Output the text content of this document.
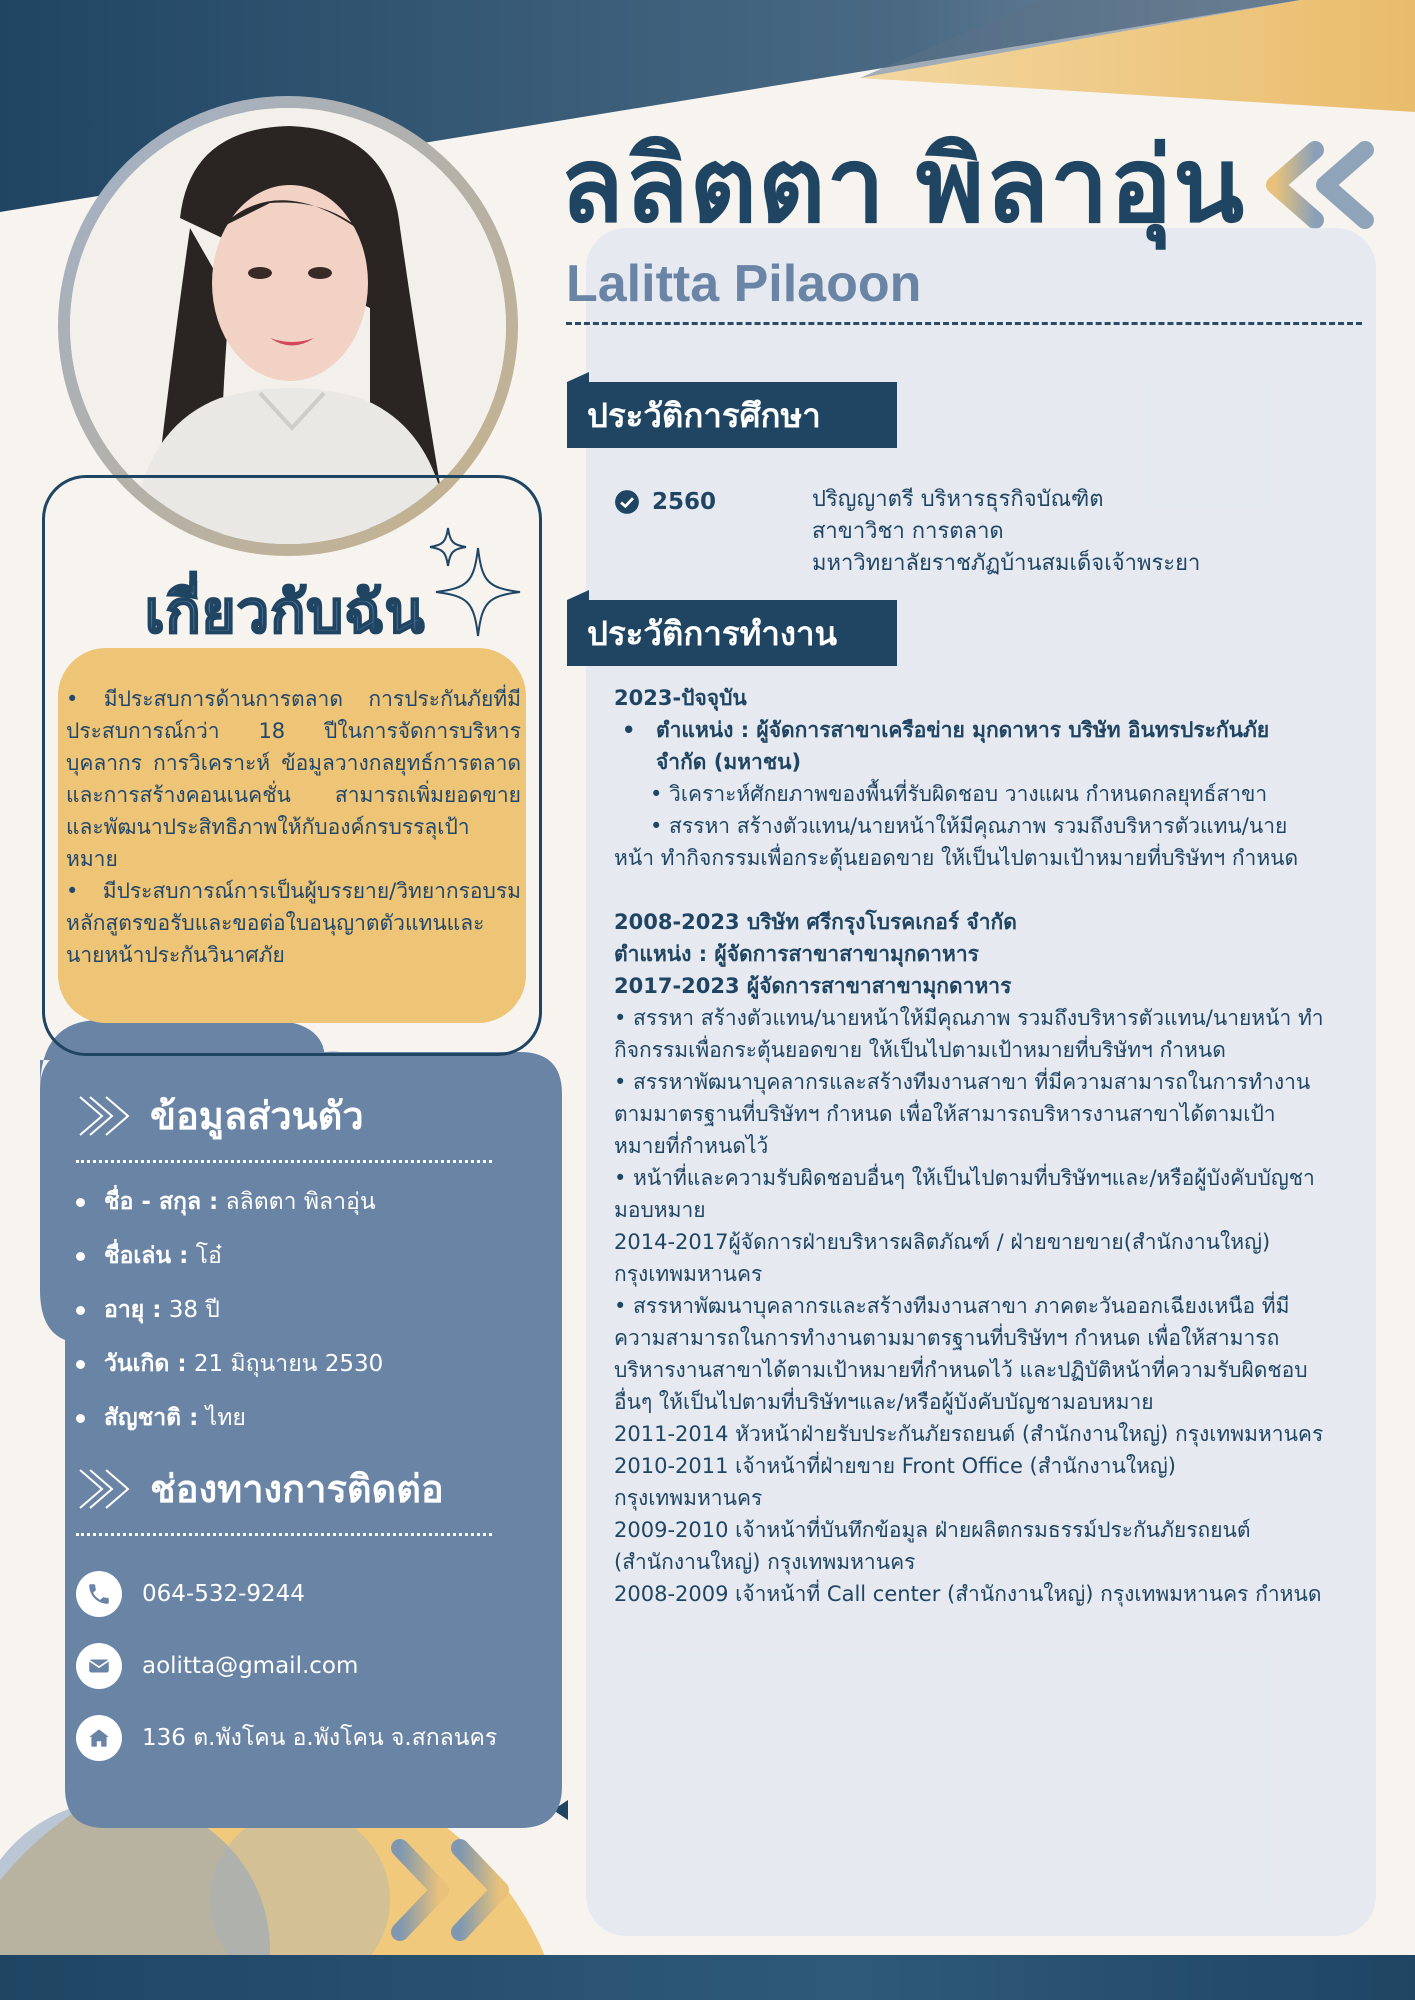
เกี่ยวกับฉัน

• มีประสบการด้านการตลาด การประกันภัยที่มีประสบการณ์กว่า 18 ปีในการจัดการบริหารบุคลากร การวิเคราะห์ ข้อมูลวางกลยุทธ์การตลาดและการสร้างคอนเนคชั่น สามารถเพิ่มยอดขายและพัฒนาประสิทธิภาพให้กับองค์กรบรรลุเป้าหมาย

• มีประสบการณ์การเป็นผู้บรรยาย/วิทยากรอบรมหลักสูตรขอรับและขอต่อใบอนุญาตตัวแทนและนายหน้าประกันวินาศภัย

ข้อมูลส่วนตัว
ชื่อ - สกุล : ลลิตตา พิลาอุ่น
ชื่อเล่น : โอ๋
อายุ : 38 ปี
วันเกิด : 21 มิถุนายน 2530
สัญชาติ : ไทย
ช่องทางการติดต่อ
064-532-9244
aolitta@gmail.com
136 ต.พังโคน อ.พังโคน จ.สกลนคร
ลลิตตา พิลาอุ่น
Lalitta Pilaoon
ประวัติการศึกษา
2560	ปริญญาตรี บริหารธุรกิจบัณฑิต
สาขาวิชา การตลาด
มหาวิทยาลัยราชภัฏบ้านสมเด็จเจ้าพระยา
ประวัติการทำงาน

2023-ปัจจุบัน

• ตำแหน่ง : ผู้จัดการสาขาเครือข่าย มุกดาหาร บริษัท อินทรประกันภัย จำกัด (มหาชน)

• วิเคราะห์ศักยภาพของพื้นที่รับผิดชอบ วางแผน กำหนดกลยุทธ์สาขา

• สรรหา สร้างตัวแทน/นายหน้าให้มีคุณภาพ รวมถึงบริหารตัวแทน/นายหน้า ทำกิจกรรมเพื่อกระตุ้นยอดขาย ให้เป็นไปตามเป้าหมายที่บริษัทฯ กำหนด

2008-2023 บริษัท ศรีกรุงโบรคเกอร์ จำกัด

ตำแหน่ง : ผู้จัดการสาขาสาขามุกดาหาร

2017-2023 ผู้จัดการสาขาสาขามุกดาหาร

• สรรหา สร้างตัวแทน/นายหน้าให้มีคุณภาพ รวมถึงบริหารตัวแทน/นายหน้า ทำกิจกรรมเพื่อกระตุ้นยอดขาย ให้เป็นไปตามเป้าหมายที่บริษัทฯ กำหนด

• สรรหาพัฒนาบุคลากรและสร้างทีมงานสาขา ที่มีความสามารถในการทำงานตามมาตรฐานที่บริษัทฯ กำหนด เพื่อให้สามารถบริหารงานสาขาได้ตามเป้าหมายที่กำหนดไว้

• หน้าที่และความรับผิดชอบอื่นๆ ให้เป็นไปตามที่บริษัทฯและ/หรือผู้บังคับบัญชามอบหมาย

2014-2017ผู้จัดการฝ่ายบริหารผลิตภัณฑ์ / ฝ่ายขายขาย(สำนักงานใหญ่) กรุงเทพมหานคร

• สรรหาพัฒนาบุคลากรและสร้างทีมงานสาขา ภาคตะวันออกเฉียงเหนือ ที่มีความสามารถในการทำงานตามมาตรฐานที่บริษัทฯ กำหนด เพื่อให้สามารถบริหารงานสาขาได้ตามเป้าหมายที่กำหนดไว้ และปฏิบัติหน้าที่ความรับผิดชอบอื่นๆ ให้เป็นไปตามที่บริษัทฯและ/หรือผู้บังคับบัญชามอบหมาย

2011-2014 หัวหน้าฝ่ายรับประกันภัยรถยนต์ (สำนักงานใหญ่) กรุงเทพมหานคร

2010-2011 เจ้าหน้าที่ฝ่ายขาย Front Office (สำนักงานใหญ่) กรุงเทพมหานคร

2009-2010 เจ้าหน้าที่บันทึกข้อมูล ฝ่ายผลิตกรมธรรม์ประกันภัยรถยนต์ (สำนักงานใหญ่) กรุงเทพมหานคร

2008-2009 เจ้าหน้าที่ Call center (สำนักงานใหญ่) กรุงเทพมหานคร กำหนด
